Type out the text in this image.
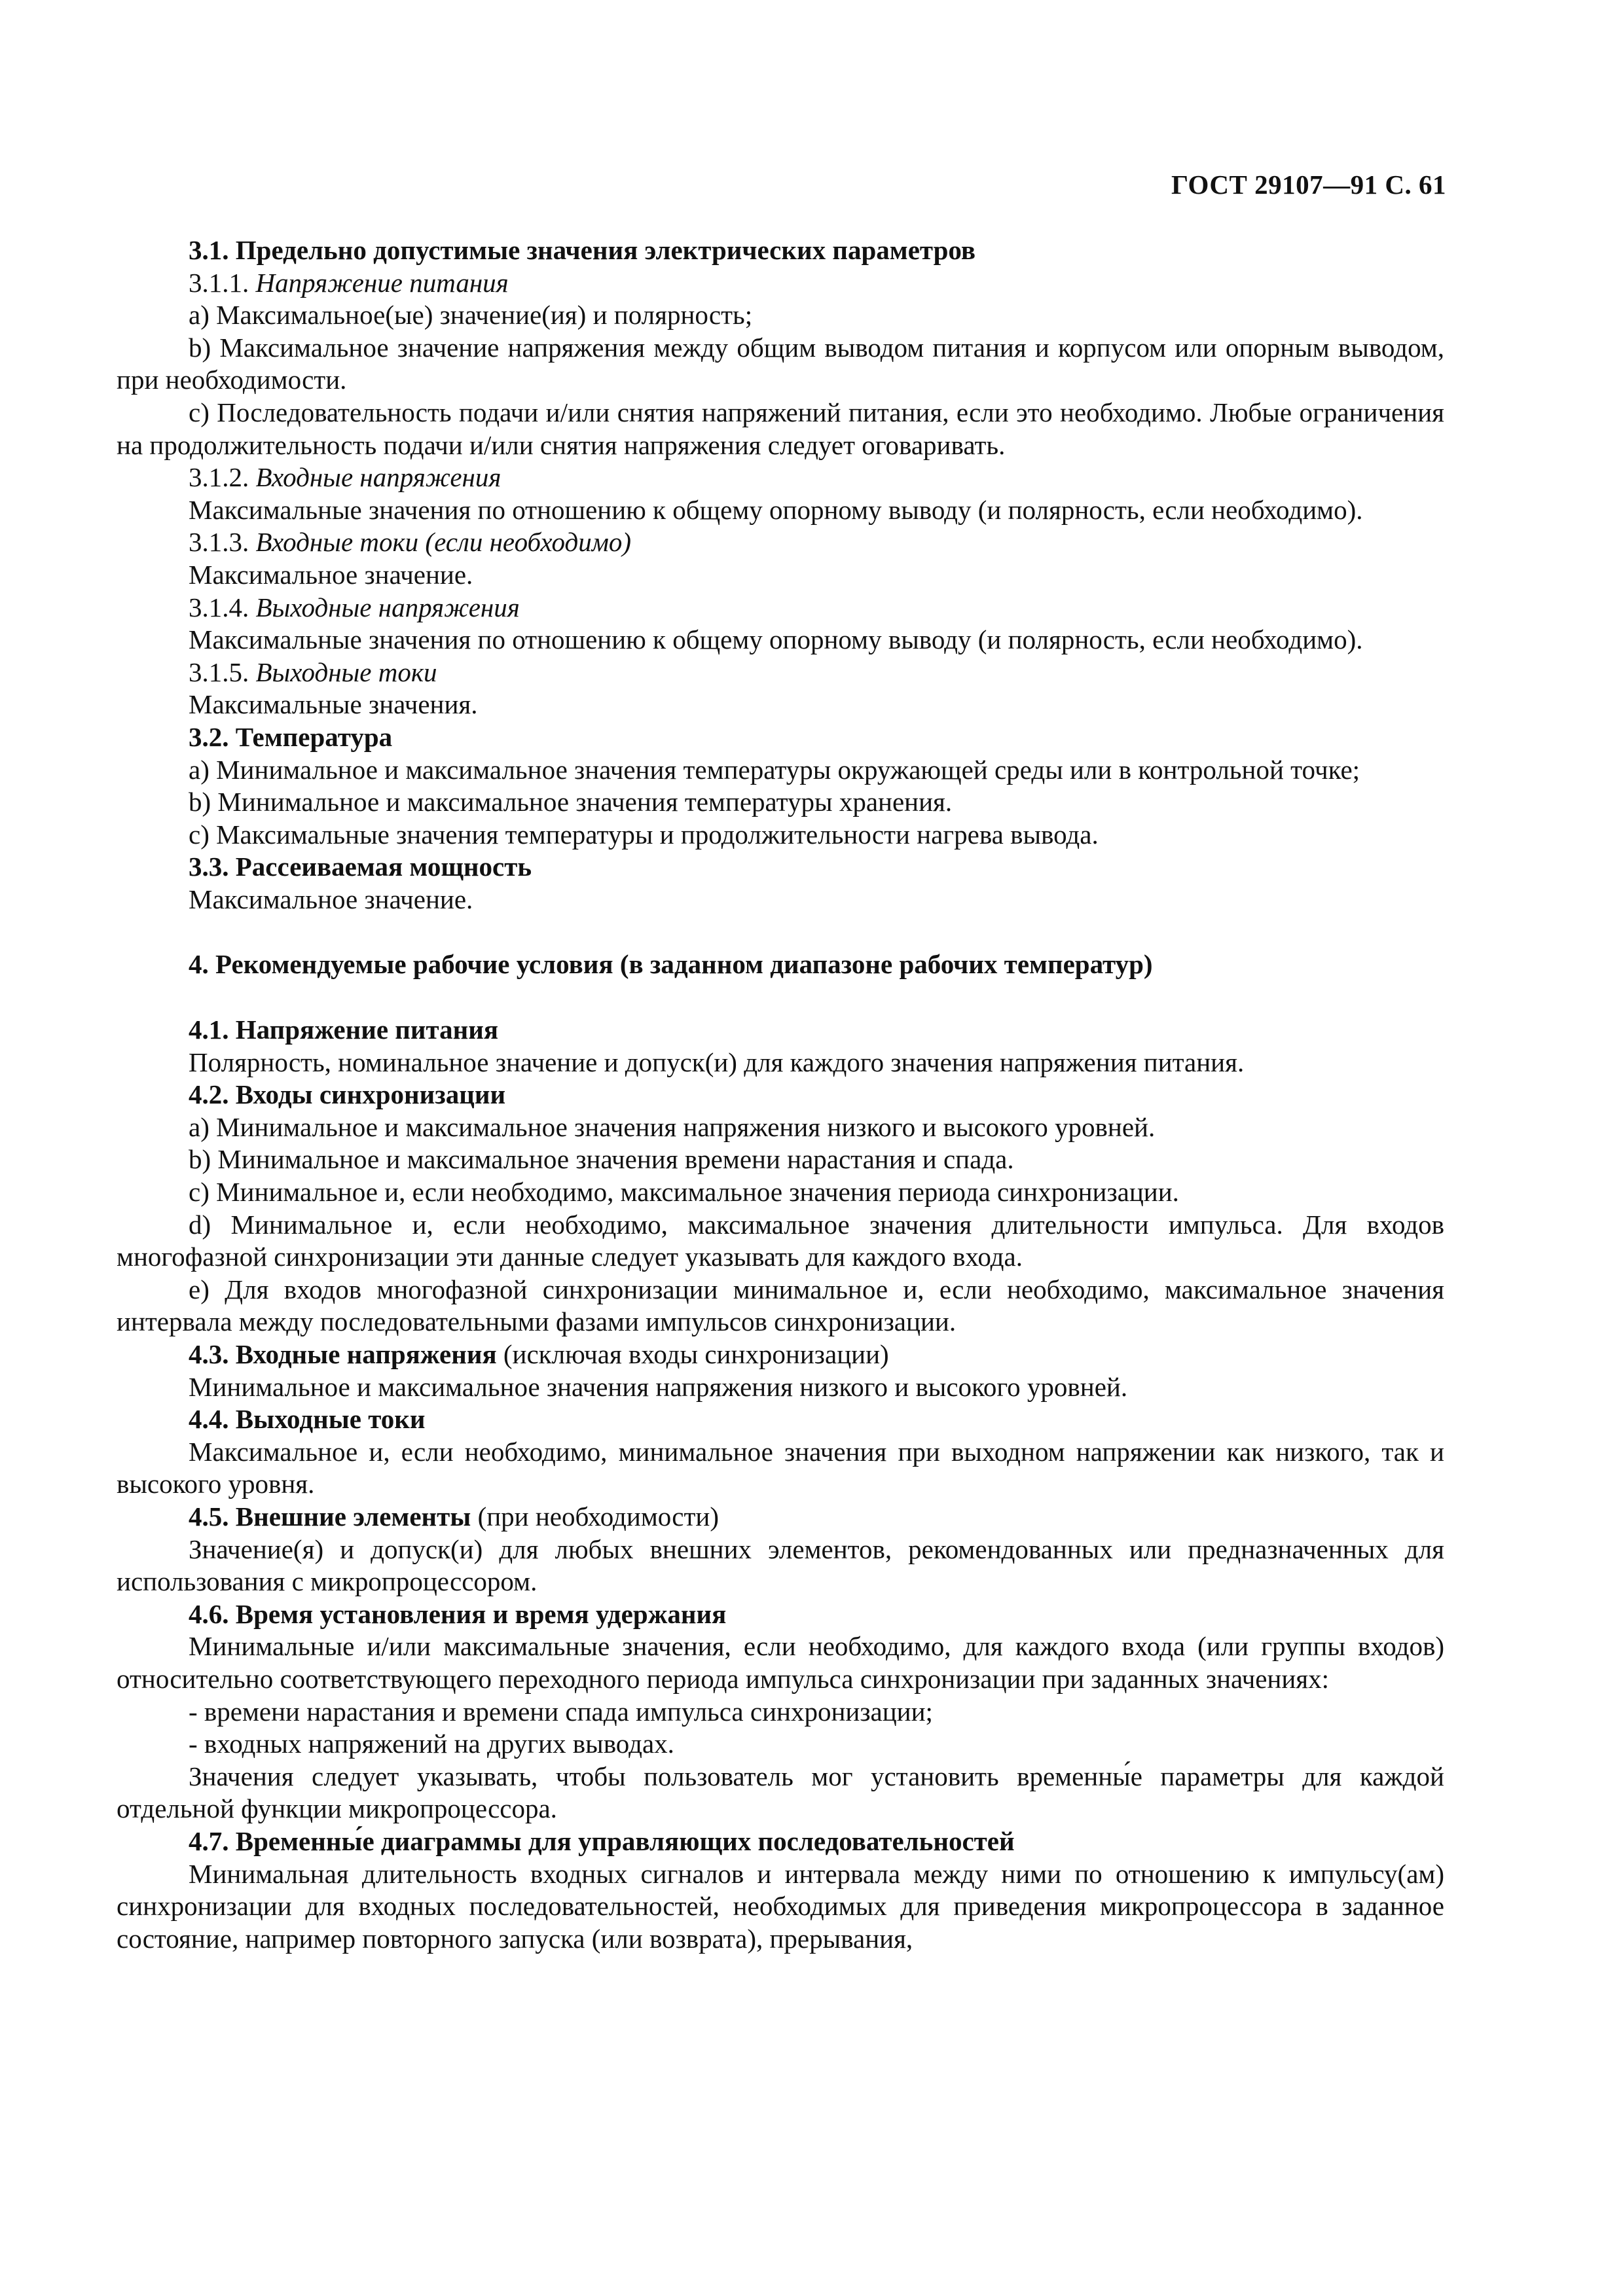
ГОСТ 29107—91 С. 61

3.1. Предельно допустимые значения электрических параметров

3.1.1. Напряжение питания

a) Максимальное(ые) значение(ия) и полярность;

b) Максимальное значение напряжения между общим выводом питания и корпусом или опорным выводом, при необходимости.

c) Последовательность подачи и/или снятия напряжений питания, если это необходимо. Любые ограничения на продолжительность подачи и/или снятия напряжения следует оговаривать.

3.1.2. Входные напряжения

Максимальные значения по отношению к общему опорному выводу (и полярность, если необходимо).

3.1.3. Входные токи (если необходимо)

Максимальное значение.

3.1.4. Выходные напряжения

Максимальные значения по отношению к общему опорному выводу (и полярность, если необходимо).

3.1.5. Выходные токи

Максимальные значения.

3.2. Температура

a) Минимальное и максимальное значения температуры окружающей среды или в контрольной точке;

b) Минимальное и максимальное значения температуры хранения.

c) Максимальные значения температуры и продолжительности нагрева вывода.

3.3. Рассеиваемая мощность

Максимальное значение.

4. Рекомендуемые рабочие условия (в заданном диапазоне рабочих температур)

4.1. Напряжение питания

Полярность, номинальное значение и допуск(и) для каждого значения напряжения питания.

4.2. Входы синхронизации

a) Минимальное и максимальное значения напряжения низкого и высокого уровней.

b) Минимальное и максимальное значения времени нарастания и спада.

c) Минимальное и, если необходимо, максимальное значения периода синхронизации.

d) Минимальное и, если необходимо, максимальное значения длительности импульса. Для входов многофазной синхронизации эти данные следует указывать для каждого входа.

e) Для входов многофазной синхронизации минимальное и, если необходимо, максимальное значения интервала между последовательными фазами импульсов синхронизации.

4.3. Входные напряжения (исключая входы синхронизации)

Минимальное и максимальное значения напряжения низкого и высокого уровней.

4.4. Выходные токи

Максимальное и, если необходимо, минимальное значения при выходном напряжении как низкого, так и высокого уровня.

4.5. Внешние элементы (при необходимости)

Значение(я) и допуск(и) для любых внешних элементов, рекомендованных или предназначенных для использования с микропроцессором.

4.6. Время установления и время удержания

Минимальные и/или максимальные значения, если необходимо, для каждого входа (или группы входов) относительно соответствующего переходного периода импульса синхронизации при заданных значениях:

- времени нарастания и времени спада импульса синхронизации;

- входных напряжений на других выводах.

Значения следует указывать, чтобы пользователь мог установить временны́е параметры для каждой отдельной функции микропроцессора.

4.7. Временны́е диаграммы для управляющих последовательностей

Минимальная длительность входных сигналов и интервала между ними по отношению к импульсу(ам) синхронизации для входных последовательностей, необходимых для приведения микропроцессора в заданное состояние, например повторного запуска (или возврата), прерывания,
